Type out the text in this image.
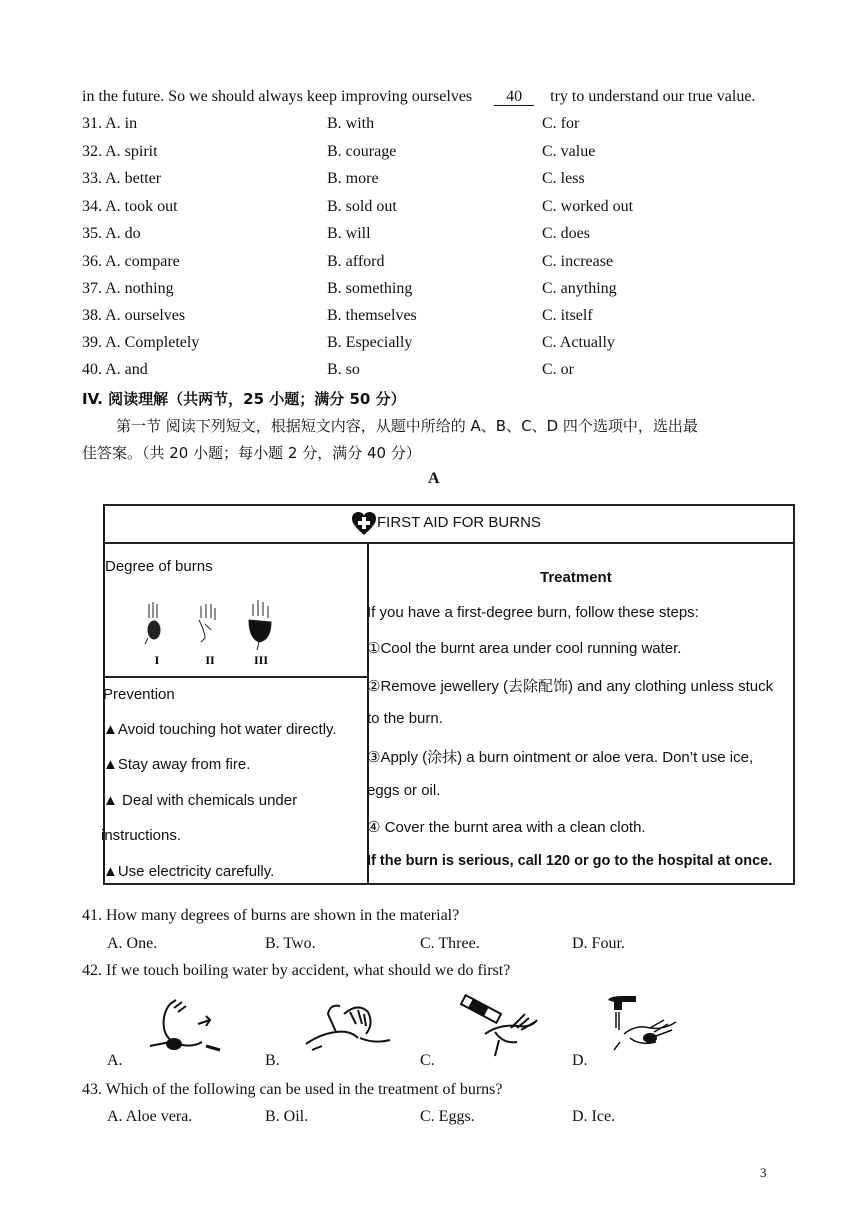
in the future. So we should always keep improving ourselves 40 try to understand our true value.
31. A. in	B. with	C. for
32. A. spirit	B. courage	C. value
33. A. better	B. more	C. less
34. A. took out	B. sold out	C. worked out
35. A. do	B. will	C. does
36. A. compare	B. afford	C. increase
37. A. nothing	B. something	C. anything
38. A. ourselves	B. themselves	C. itself
39. A. Completely	B. Especially	C. Actually
40. A. and	B. so	C. or
IV. 阅读理解（共两节，25 小题；满分 50 分）
第一节 阅读下列短文，根据短文内容，从题中所给的 A、B、C、D 四个选项中，选出最
佳答案。（共 20 小题；每小题 2 分，满分 40 分）
A
FIRST AID FOR BURNS
Degree of burns
I	II	III
Prevention
▲Avoid touching hot water directly.
▲Stay away from fire.
▲ Deal with chemicals under
instructions.
▲Use electricity carefully.
Treatment
If you have a first-degree burn, follow these steps:
①Cool the burnt area under cool running water.
②Remove jewellery (去除配饰) and any clothing unless stuck
to the burn.
③Apply (涂抹) a burn ointment or aloe vera. Don’t use ice,
eggs or oil.
④ Cover the burnt area with a clean cloth.
If the burn is serious, call 120 or go to the hospital at once.
41. How many degrees of burns are shown in the material?
A. One.	B. Two.	C. Three.	D. Four.
42. If we touch boiling water by accident, what should we do first?
A.	B.	C.	D.
43. Which of the following can be used in the treatment of burns?
A. Aloe vera.	B. Oil.	C. Eggs.	D. Ice.
3
